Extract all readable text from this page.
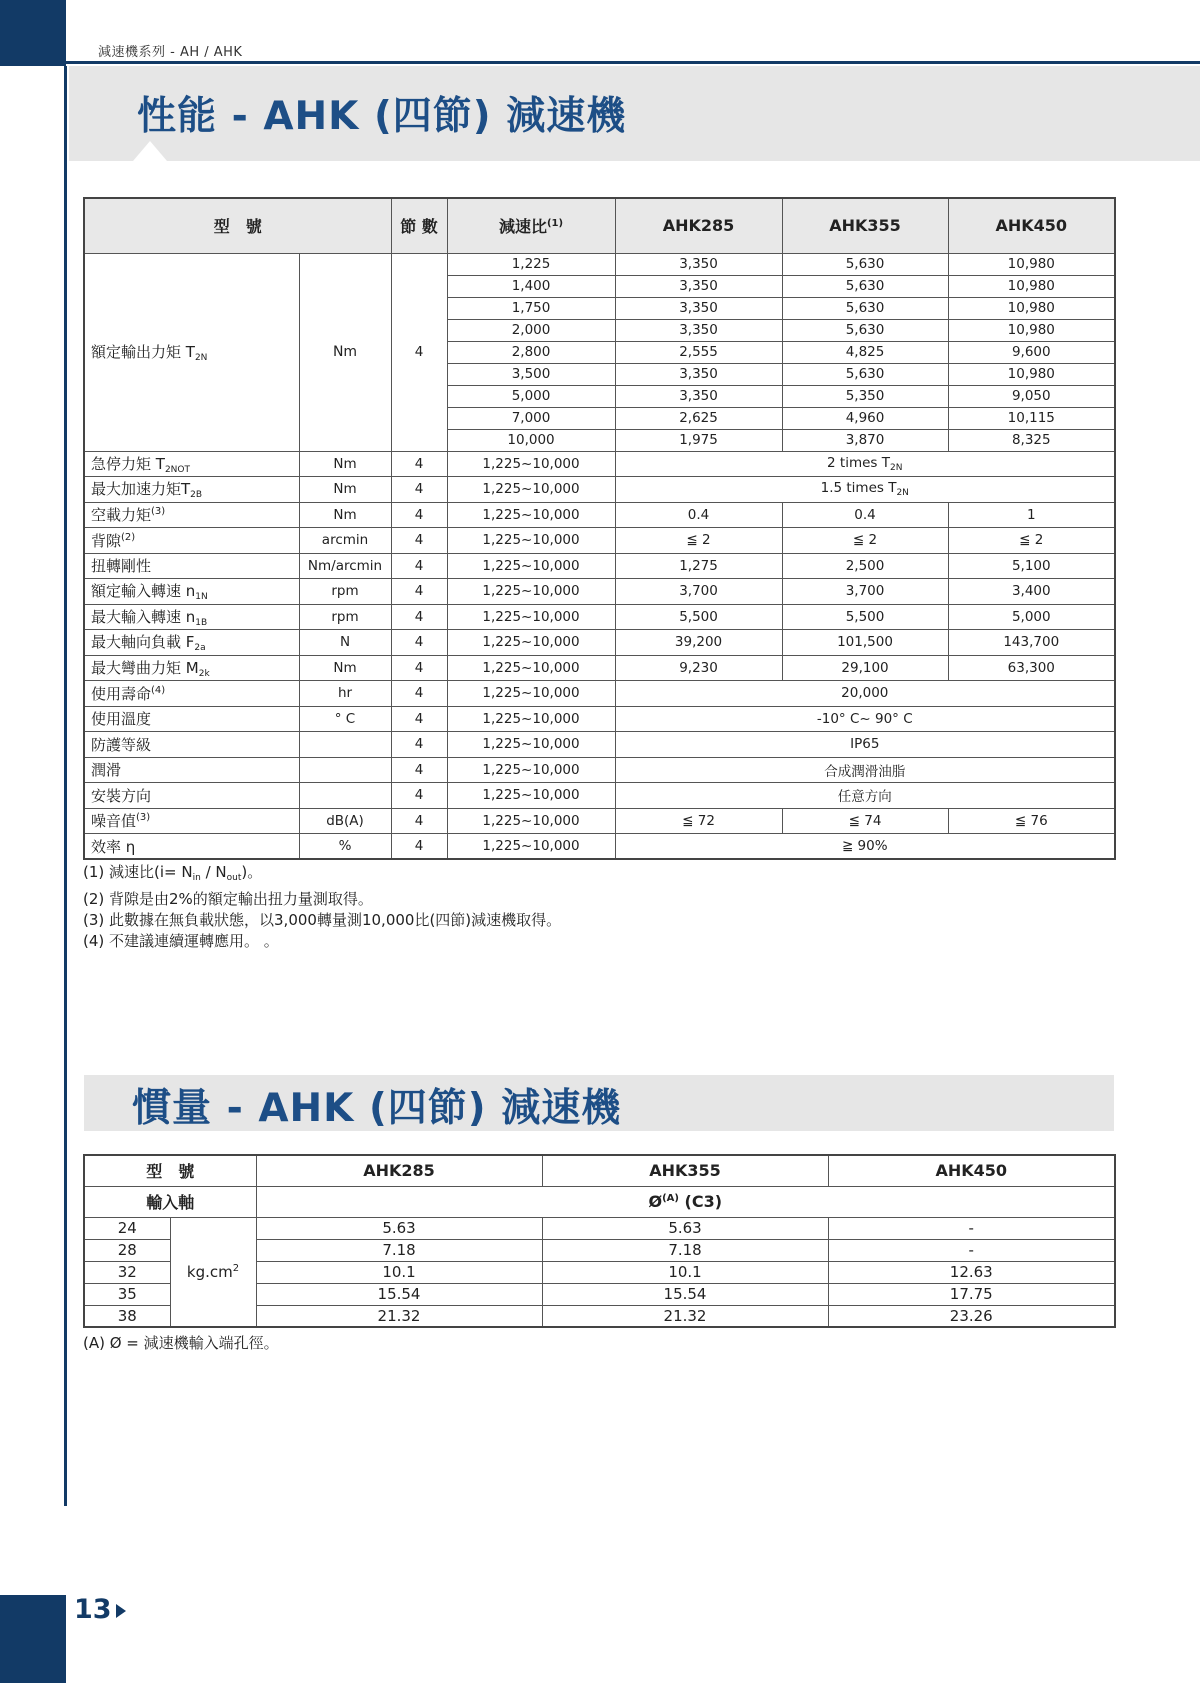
減速機系列 - AH / AHK
性能 - AHK (四節) 減速機
型　號		節 數	減速比$^{(1)}$	AHK285	AHK355	AHK450
額定輸出力矩 $T_{2N}$	Nm	4	1,225	3,350	5,630	10,980
			1,400	3,350	5,630	10,980
			1,750	3,350	5,630	10,980
			2,000	3,350	5,630	10,980
			2,800	2,555	4,825	9,600
			3,500	3,350	5,630	10,980
			5,000	3,350	5,350	9,050
			7,000	2,625	4,960	10,115
			10,000	1,975	3,870	8,325
急停力矩 $T_{2NOT}$	Nm	4	1,225~10,000	2 times $T_{2N}$
最大加速力矩$T_{2B}$	Nm	4	1,225~10,000	1.5 times $T_{2N}$
空載力矩$^{(3)}$	Nm	4	1,225~10,000	0.4	0.4	1
背隙$^{(2)}$	arcmin	4	1,225~10,000	≦ 2	≦ 2	≦ 2
扭轉剛性	Nm/arcmin	4	1,225~10,000	1,275	2,500	5,100
額定輸入轉速 $n_{1N}$	rpm	4	1,225~10,000	3,700	3,700	3,400
最大輸入轉速 $n_{1B}$	rpm	4	1,225~10,000	5,500	5,500	5,000
最大軸向負載 $F_{2a}$	N	4	1,225~10,000	39,200	101,500	143,700
最大彎曲力矩 $M_{2k}$	Nm	4	1,225~10,000	9,230	29,100	63,300
使用壽命$^{(4)}$	hr	4	1,225~10,000	20,000		
使用溫度	° C	4	1,225~10,000	-10° C~ 90° C		
防護等級		4	1,225~10,000	IP65		
潤滑		4	1,225~10,000	合成潤滑油脂		
安裝方向		4	1,225~10,000	任意方向		
噪音值$^{(3)}$	dB(A)	4	1,225~10,000	≦ 72	≦ 74	≦ 76
效率 η	%	4	1,225~10,000	≧ 90%		
(1) 減速比$(i= N_{in} / N_{out})$。
(2) 背隙是由2%的額定輸出扭力量測取得。
(3) 此數據在無負載狀態，以3,000轉量測10,000比(四節)減速機取得。
(4) 不建議連續運轉應用。 。
慣量 - AHK (四節) 減速機
型　號		AHK285	AHK355	AHK450
輸入軸		$Ø^{(A)}$ (C3)		
24	$kg.cm^2$	5.63	5.63	-
28		7.18	7.18	-
32		10.1	10.1	12.63
35		15.54	15.54	17.75
38		21.32	21.32	23.26
(A) Ø = 減速機輸入端孔徑。
13
